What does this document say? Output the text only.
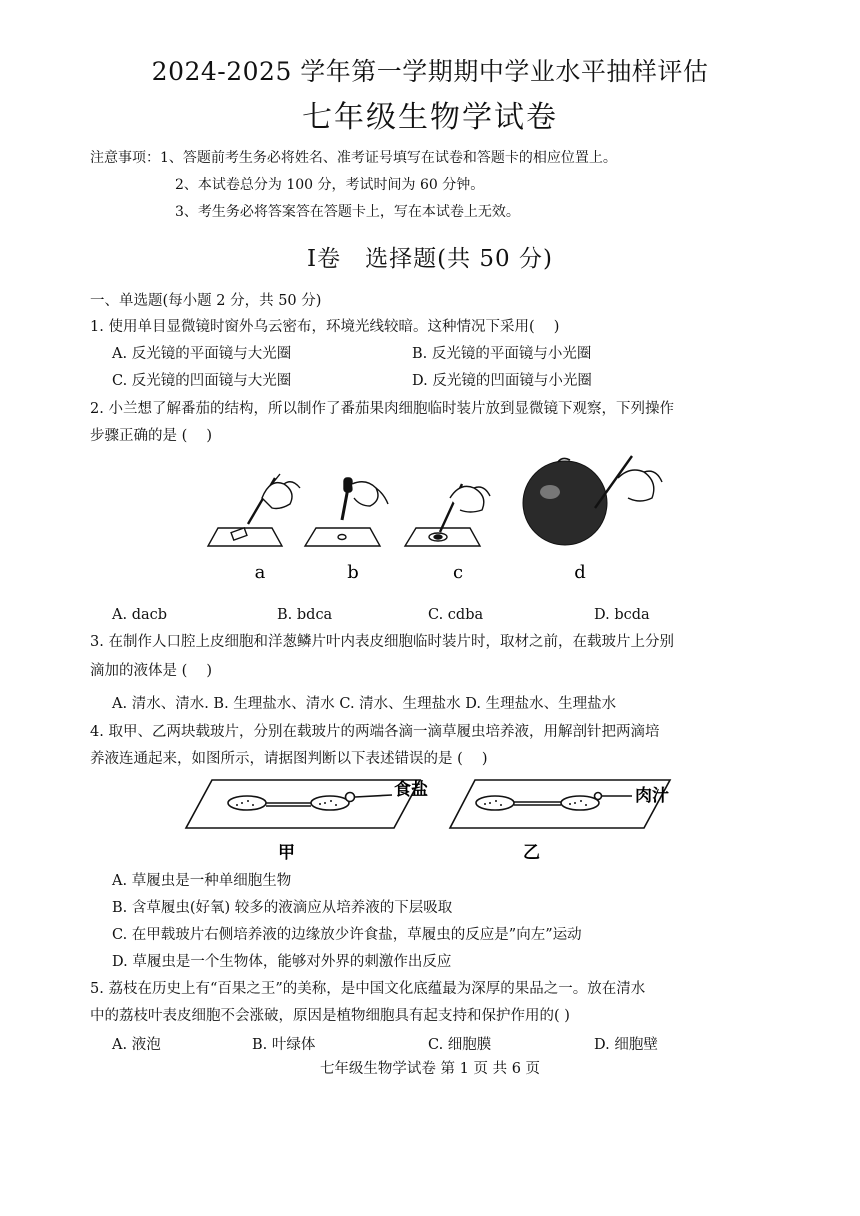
2024-2025 学年第一学期期中学业水平抽样评估
七年级生物学试卷
注意事项：1、答题前考生务必将姓名、准考证号填写在试卷和答题卡的相应位置上。
2、本试卷总分为 100 分，考试时间为 60 分钟。
3、考生务必将答案答在答题卡上，写在本试卷上无效。
Ⅰ卷　选择题(共 50 分)
一、单选题(每小题 2 分，共 50 分)
1. 使用单目显微镜时窗外乌云密布，环境光线较暗。这种情况下采用(　 )
A. 反光镜的平面镜与大光圈	B. 反光镜的平面镜与小光圈
C. 反光镜的凹面镜与大光圈	D. 反光镜的凹面镜与小光圈
2. 小兰想了解番茄的结构，所以制作了番茄果肉细胞临时装片放到显微镜下观察，下列操作
步骤正确的是 (　 )
a	b	c	d
A. dacb	B. bdca	C. cdba	D. bcda
3. 在制作人口腔上皮细胞和洋葱鳞片叶内表皮细胞临时装片时，取材之前，在载玻片上分别
滴加的液体是 (　 )
A. 清水、清水. B. 生理盐水、清水 C. 清水、生理盐水 D. 生理盐水、生理盐水
4. 取甲、乙两块载玻片，分别在载玻片的两端各滴一滴草履虫培养液，用解剖针把两滴培
养液连通起来，如图所示，请据图判断以下表述错误的是 (　 )
食盐	肉汁
甲	乙
A. 草履虫是一种单细胞生物
B. 含草履虫(好氧) 较多的液滴应从培养液的下层吸取
C. 在甲载玻片右侧培养液的边缘放少许食盐，草履虫的反应是”向左”运动
D. 草履虫是一个生物体，能够对外界的刺激作出反应
5. 荔枝在历史上有“百果之王”的美称，是中国文化底蕴最为深厚的果品之一。放在清水
中的荔枝叶表皮细胞不会涨破，原因是植物细胞具有起支持和保护作用的( )
A. 液泡	B. 叶绿体	C. 细胞膜	D. 细胞壁
七年级生物学试卷 第 1 页 共 6 页
